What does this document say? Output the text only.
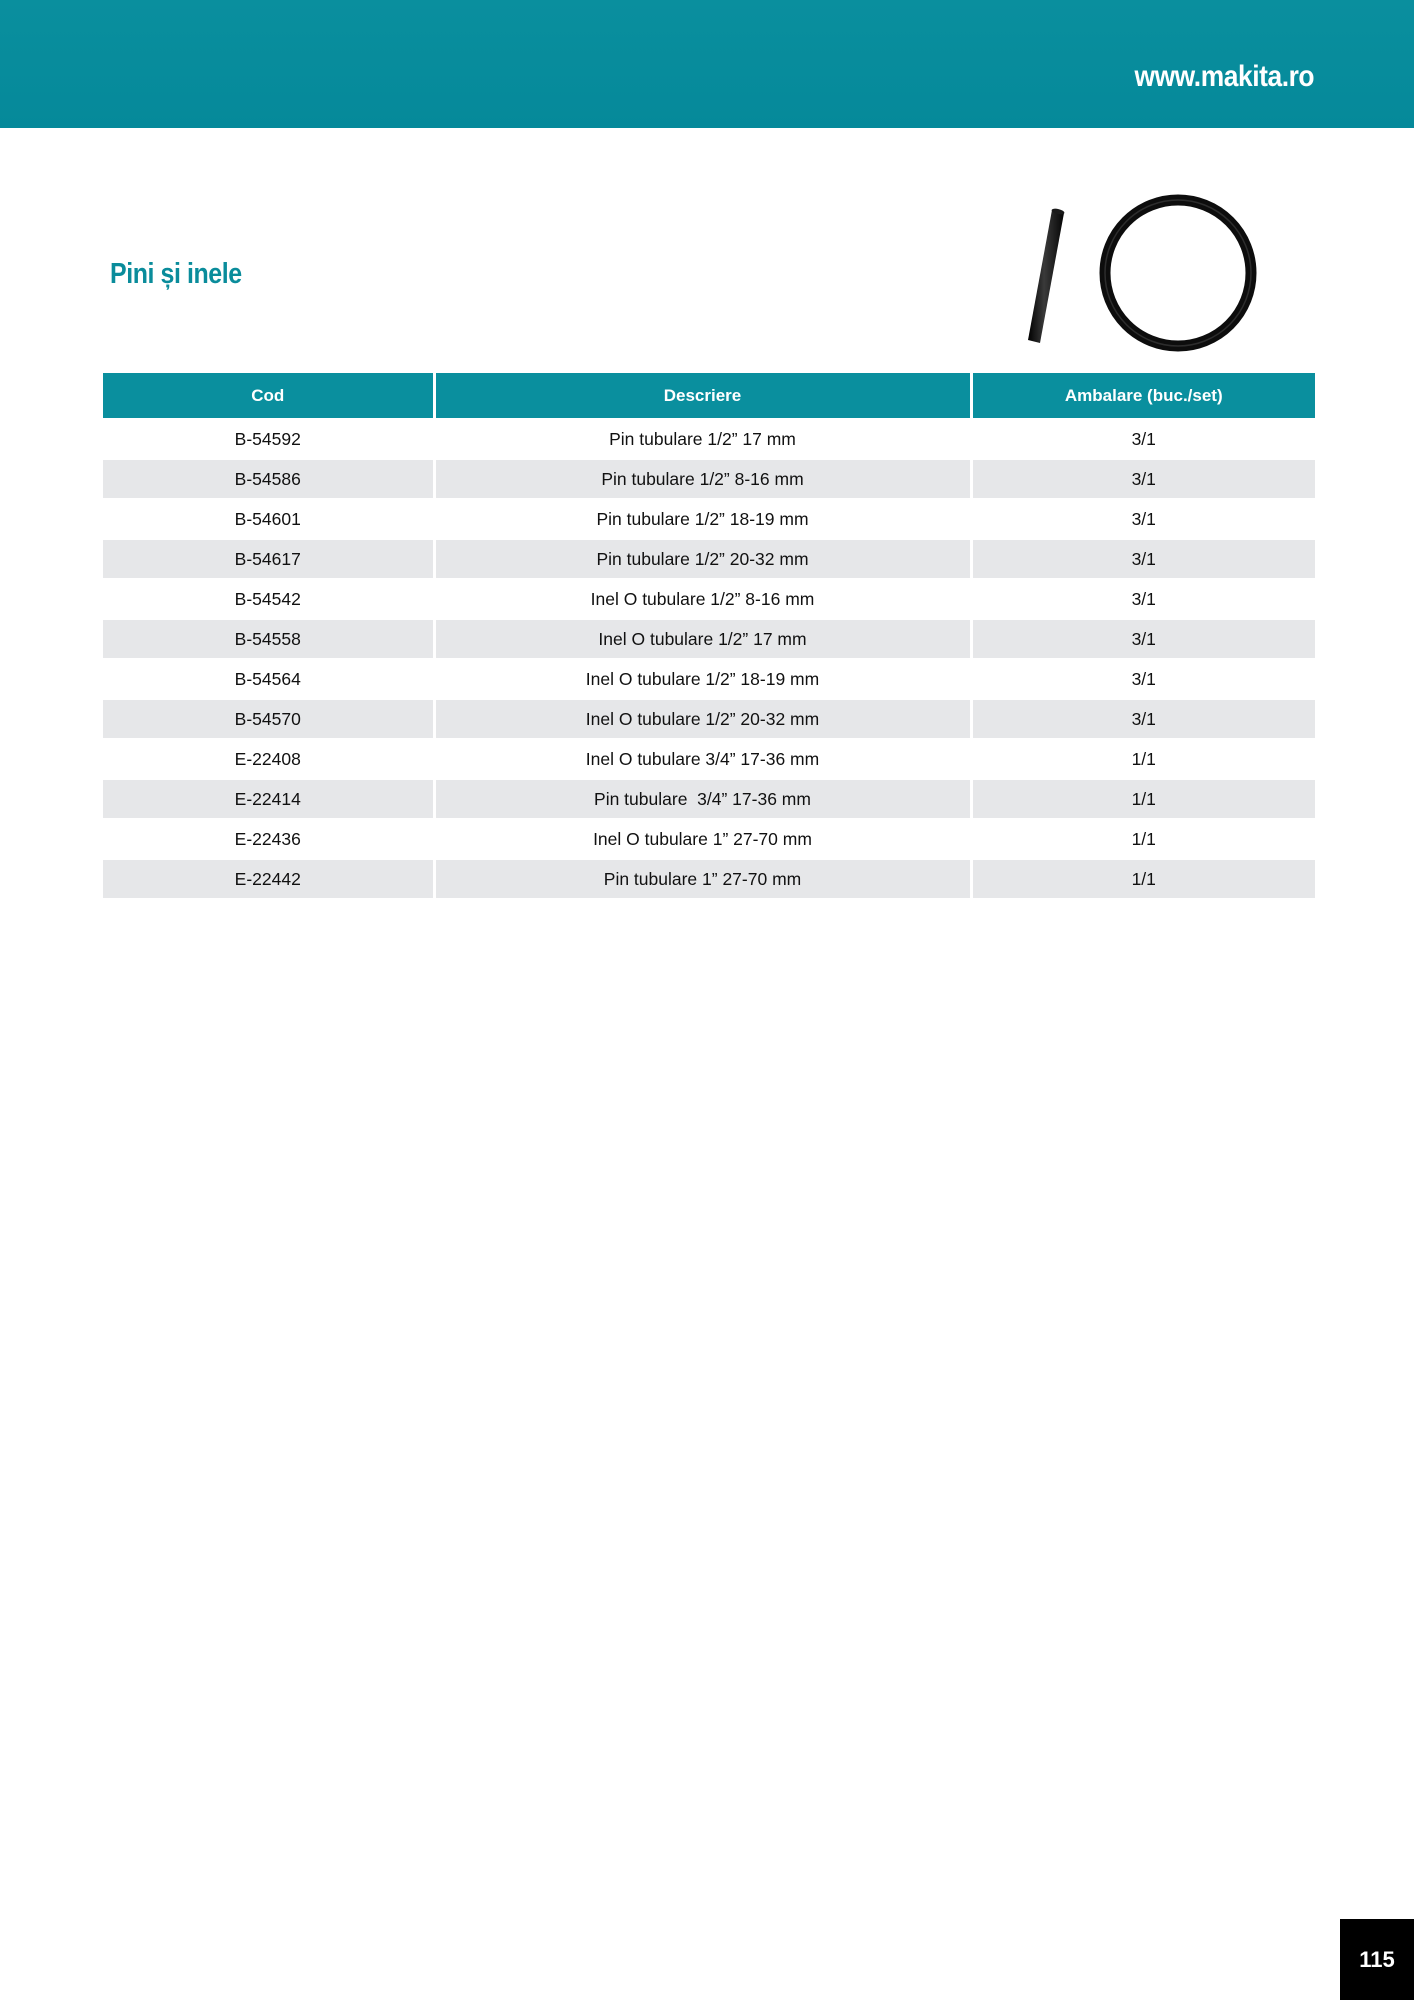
www.makita.ro
Pini și inele
Cod	Descriere	Ambalare (buc./set)
B-54592	Pin tubulare 1/2” 17 mm	3/1
B-54586	Pin tubulare 1/2” 8-16 mm	3/1
B-54601	Pin tubulare 1/2” 18-19 mm	3/1
B-54617	Pin tubulare 1/2” 20-32 mm	3/1
B-54542	Inel O tubulare 1/2” 8-16 mm	3/1
B-54558	Inel O tubulare 1/2” 17 mm	3/1
B-54564	Inel O tubulare 1/2” 18-19 mm	3/1
B-54570	Inel O tubulare 1/2” 20-32 mm	3/1
E-22408	Inel O tubulare 3/4” 17-36 mm	1/1
E-22414	Pin tubulare  3/4” 17-36 mm	1/1
E-22436	Inel O tubulare 1” 27-70 mm	1/1
E-22442	Pin tubulare 1” 27-70 mm	1/1
115
